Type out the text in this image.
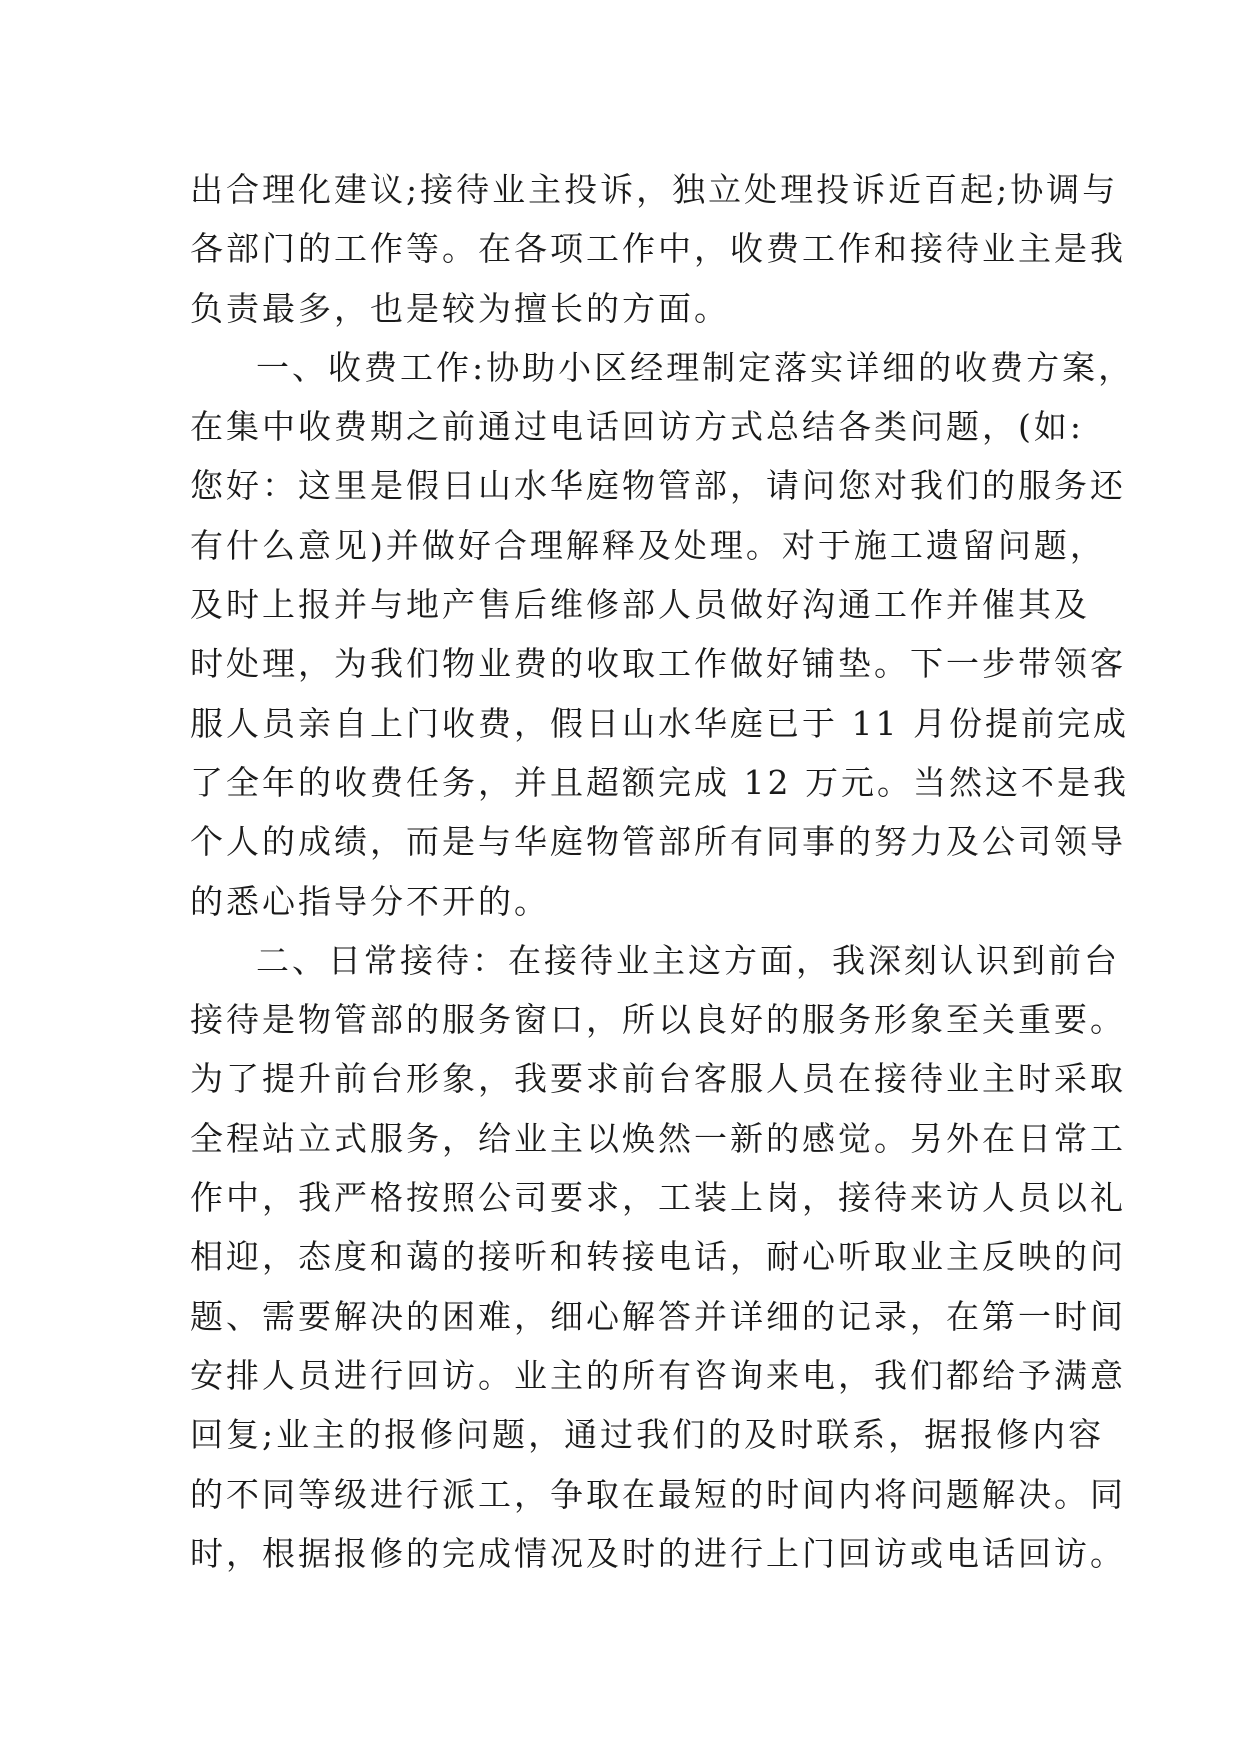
出合理化建议;接待业主投诉，独立处理投诉近百起;协调与
各部门的工作等。在各项工作中，收费工作和接待业主是我
负责最多，也是较为擅长的方面。
一、收费工作:协助小区经理制定落实详细的收费方案，
在集中收费期之前通过电话回访方式总结各类问题，(如:
您好：这里是假日山水华庭物管部，请问您对我们的服务还
有什么意见)并做好合理解释及处理。对于施工遗留问题，
及时上报并与地产售后维修部人员做好沟通工作并催其及
时处理，为我们物业费的收取工作做好铺垫。下一步带领客
服人员亲自上门收费，假日山水华庭已于 11 月份提前完成
了全年的收费任务，并且超额完成 12 万元。当然这不是我
个人的成绩，而是与华庭物管部所有同事的努力及公司领导
的悉心指导分不开的。
二、日常接待：在接待业主这方面，我深刻认识到前台
接待是物管部的服务窗口，所以良好的服务形象至关重要。
为了提升前台形象，我要求前台客服人员在接待业主时采取
全程站立式服务，给业主以焕然一新的感觉。另外在日常工
作中，我严格按照公司要求，工装上岗，接待来访人员以礼
相迎，态度和蔼的接听和转接电话，耐心听取业主反映的问
题、需要解决的困难，细心解答并详细的记录，在第一时间
安排人员进行回访。业主的所有咨询来电，我们都给予满意
回复;业主的报修问题，通过我们的及时联系，据报修内容
的不同等级进行派工，争取在最短的时间内将问题解决。同
时，根据报修的完成情况及时的进行上门回访或电话回访。
